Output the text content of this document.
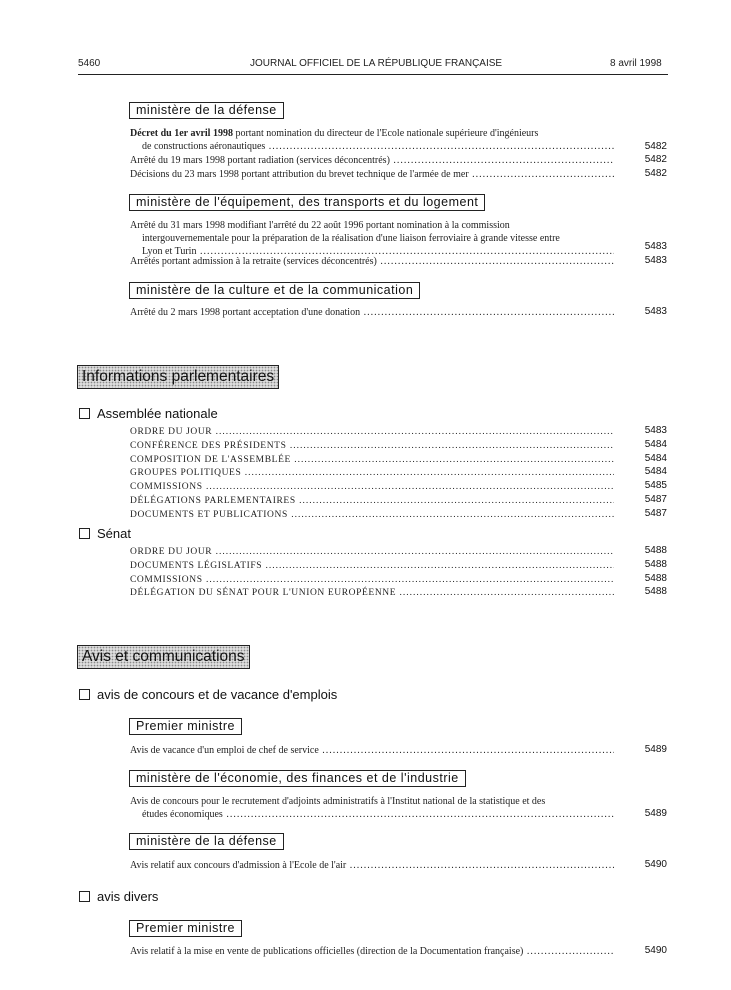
5460	JOURNAL OFFICIEL DE LA RÉPUBLIQUE FRANÇAISE	8 avril 1998
ministère de la défense
Décret du 1er avril 1998 portant nomination du directeur de l'Ecole nationale supérieure d'ingénieurs
de constructions aéronautiques .....	5482
Arrêté du 19 mars 1998 portant radiation (services déconcentrés) .....	5482
Décisions du 23 mars 1998 portant attribution du brevet technique de l'armée de mer .....	5482
ministère de l'équipement, des transports et du logement
Arrêté du 31 mars 1998 modifiant l'arrêté du 22 août 1996 portant nomination à la commission
intergouvernementale pour la préparation de la réalisation d'une liaison ferroviaire à grande vitesse entre
Lyon et Turin .....	5483
Arrêtés portant admission à la retraite (services déconcentrés) .....	5483
ministère de la culture et de la communication
Arrêté du 2 mars 1998 portant acceptation d'une donation .....	5483
Informations parlementaires
Assemblée nationale
ORDRE DU JOUR .....	5483
CONFÉRENCE DES PRÉSIDENTS .....	5484
COMPOSITION DE L'ASSEMBLÉE .....	5484
GROUPES POLITIQUES .....	5484
COMMISSIONS .....	5485
DÉLÉGATIONS PARLEMENTAIRES .....	5487
DOCUMENTS ET PUBLICATIONS .....	5487
Sénat
ORDRE DU JOUR .....	5488
DOCUMENTS LÉGISLATIFS .....	5488
COMMISSIONS .....	5488
DÉLÉGATION DU SÉNAT POUR L'UNION EUROPÉENNE .....	5488
Avis et communications
avis de concours et de vacance d'emplois
Premier ministre
Avis de vacance d'un emploi de chef de service .....	5489
ministère de l'économie, des finances et de l'industrie
Avis de concours pour le recrutement d'adjoints administratifs à l'Institut national de la statistique et des
études économiques .....	5489
ministère de la défense
Avis relatif aux concours d'admission à l'Ecole de l'air .....	5490
avis divers
Premier ministre
Avis relatif à la mise en vente de publications officielles (direction de la Documentation française) .....	5490
